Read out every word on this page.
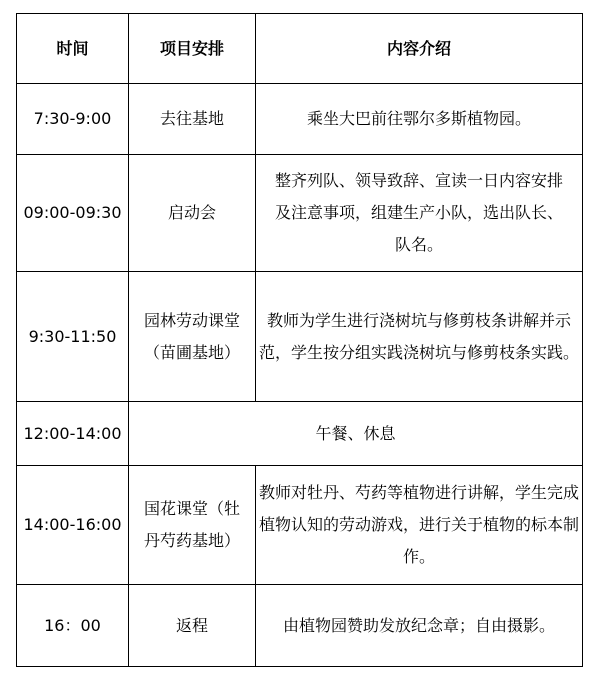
时间	项目安排	内容介绍
7:30-9:00	去往基地	乘坐大巴前往鄂尔多斯植物园。

09:00-09:30	启动会	整齐列队、领导致辞、宣读一日内容安排及注意事项，组建生产小队，选出队长、队名。

9:30-11:50	园林劳动课堂（苗圃基地）	教师为学生进行浇树坑与修剪枝条讲解并示范，学生按分组实践浇树坑与修剪枝条实践。

12:00-14:00	午餐、休息	
14:00-16:00	国花课堂（牡丹芍药基地）	教师对牡丹、芍药等植物进行讲解，学生完成植物认知的劳动游戏，进行关于植物的标本制作。

16：00	返程	由植物园赞助发放纪念章；自由摄影。
